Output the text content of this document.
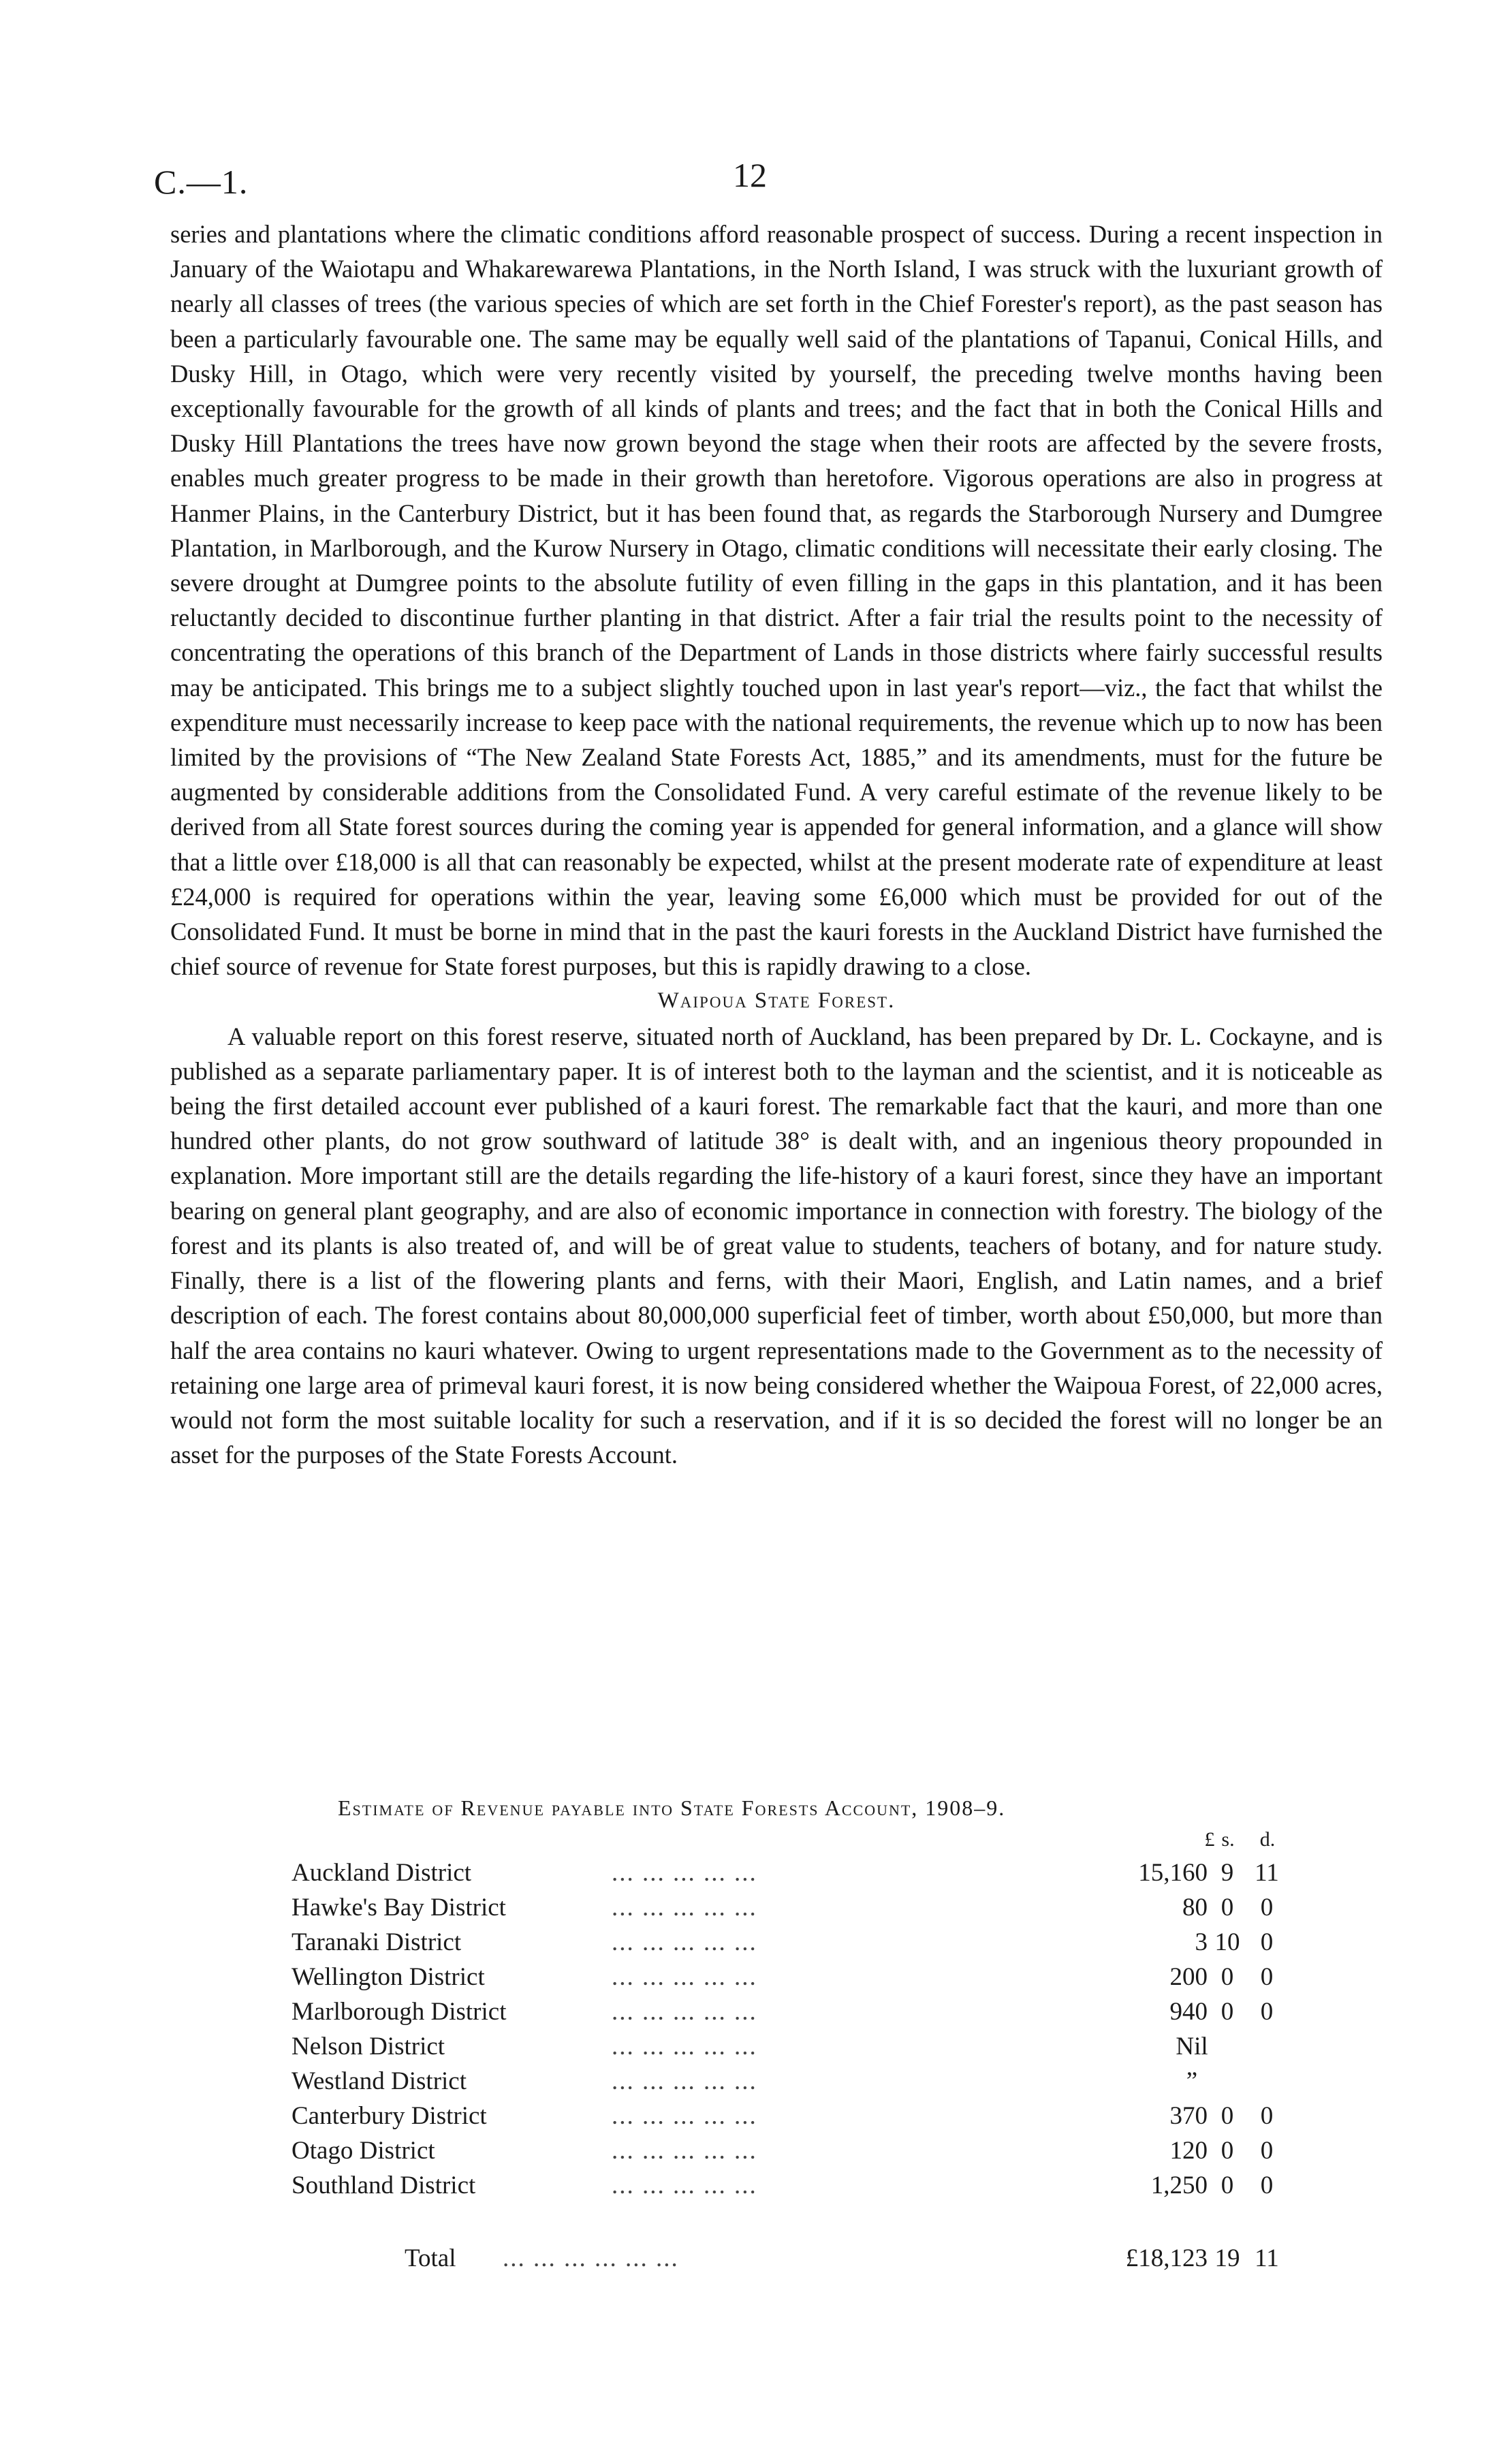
C.—1.	12

series and plantations where the climatic conditions afford reasonable prospect of success. During a recent inspection in January of the Waiotapu and Whakarewarewa Plantations, in the North Island, I was struck with the luxuriant growth of nearly all classes of trees (the various species of which are set forth in the Chief Forester's report), as the past season has been a particularly favourable one. The same may be equally well said of the plantations of Tapanui, Conical Hills, and Dusky Hill, in Otago, which were very recently visited by yourself, the preceding twelve months having been exceptionally favourable for the growth of all kinds of plants and trees; and the fact that in both the Conical Hills and Dusky Hill Plantations the trees have now grown beyond the stage when their roots are affected by the severe frosts, enables much greater progress to be made in their growth than heretofore. Vigorous operations are also in progress at Hanmer Plains, in the Canterbury District, but it has been found that, as regards the Starborough Nursery and Dumgree Plantation, in Marlborough, and the Kurow Nursery in Otago, climatic conditions will necessitate their early closing. The severe drought at Dumgree points to the absolute futility of even filling in the gaps in this plantation, and it has been reluctantly decided to discontinue further planting in that district. After a fair trial the results point to the necessity of concentrating the operations of this branch of the Department of Lands in those districts where fairly successful results may be anticipated. This brings me to a subject slightly touched upon in last year's report—viz., the fact that whilst the expenditure must necessarily increase to keep pace with the national requirements, the revenue which up to now has been limited by the provisions of “The New Zealand State Forests Act, 1885,” and its amendments, must for the future be augmented by considerable additions from the Consolidated Fund. A very careful estimate of the revenue likely to be derived from all State forest sources during the coming year is appended for general information, and a glance will show that a little over £18,000 is all that can reasonably be expected, whilst at the present moderate rate of expenditure at least £24,000 is required for operations within the year, leaving some £6,000 which must be provided for out of the Consolidated Fund. It must be borne in mind that in the past the kauri forests in the Auckland District have furnished the chief source of revenue for State forest purposes, but this is rapidly drawing to a close.

Waipoua State Forest.

A valuable report on this forest reserve, situated north of Auckland, has been prepared by Dr. L. Cockayne, and is published as a separate parliamentary paper. It is of interest both to the layman and the scientist, and it is noticeable as being the first detailed account ever published of a kauri forest. The remarkable fact that the kauri, and more than one hundred other plants, do not grow southward of latitude 38° is dealt with, and an ingenious theory propounded in explanation. More important still are the details regarding the life-history of a kauri forest, since they have an important bearing on general plant geography, and are also of economic importance in connection with forestry. The biology of the forest and its plants is also treated of, and will be of great value to students, teachers of botany, and for nature study. Finally, there is a list of the flowering plants and ferns, with their Maori, English, and Latin names, and a brief description of each. The forest contains about 80,000,000 superficial feet of timber, worth about £50,000, but more than half the area contains no kauri whatever. Owing to urgent representations made to the Government as to the necessity of retaining one large area of primeval kauri forest, it is now being considered whether the Waipoua Forest, of 22,000 acres, would not form the most suitable locality for such a reservation, and if it is so decided the forest will no longer be an asset for the purposes of the State Forests Account.

Estimate of Revenue payable into State Forests Account, 1908–9.
£ s.	d.
Auckland District	... ... ... ... ...	15,160 9 11
Hawke's Bay District	... ... ... ... ...	80 0	0
Taranaki District	... ... ... ... ...	3 10 0
Wellington District	... ... ... ... ...	200 0	0
Marlborough District	... ... ... ... ...	940 0	0
Nelson District	... ... ... ... ...	Nil
Westland District	... ... ... ... ...	”
Canterbury District	... ... ... ... ...	370 0	0
Otago District	... ... ... ... ...	120 0	0
Southland District	... ... ... ... ...	1,250 0	0
Total ... ... ... ... ... ...	£18,123 19 11
